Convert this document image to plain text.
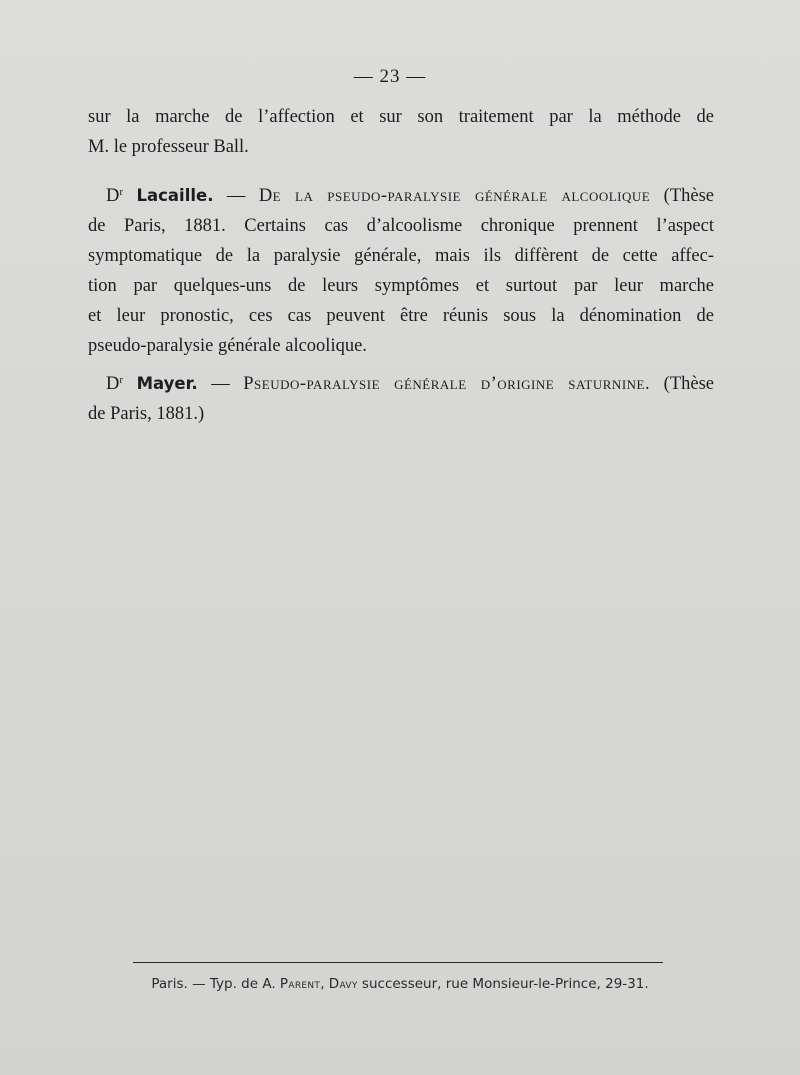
— 23 —
sur la marche de l’affection et sur son traitement par la méthode de
M. le professeur Ball.
$D^r$ Lacaille. — De la pseudo-paralysie générale alcoolique (Thèse
de Paris, 1881. Certains cas d’alcoolisme chronique prennent l’aspect
symptomatique de la paralysie générale, mais ils diffèrent de cette affec-
tion par quelques-uns de leurs symptômes et surtout par leur marche
et leur pronostic, ces cas peuvent être réunis sous la dénomination de
pseudo-paralysie générale alcoolique.
$D^r$ Mayer. — Pseudo-paralysie générale d’origine saturnine. (Thèse
de Paris, 1881.)
Paris. — Typ. de A. Parent, Davy successeur, rue Monsieur-le-Prince, 29-31.
